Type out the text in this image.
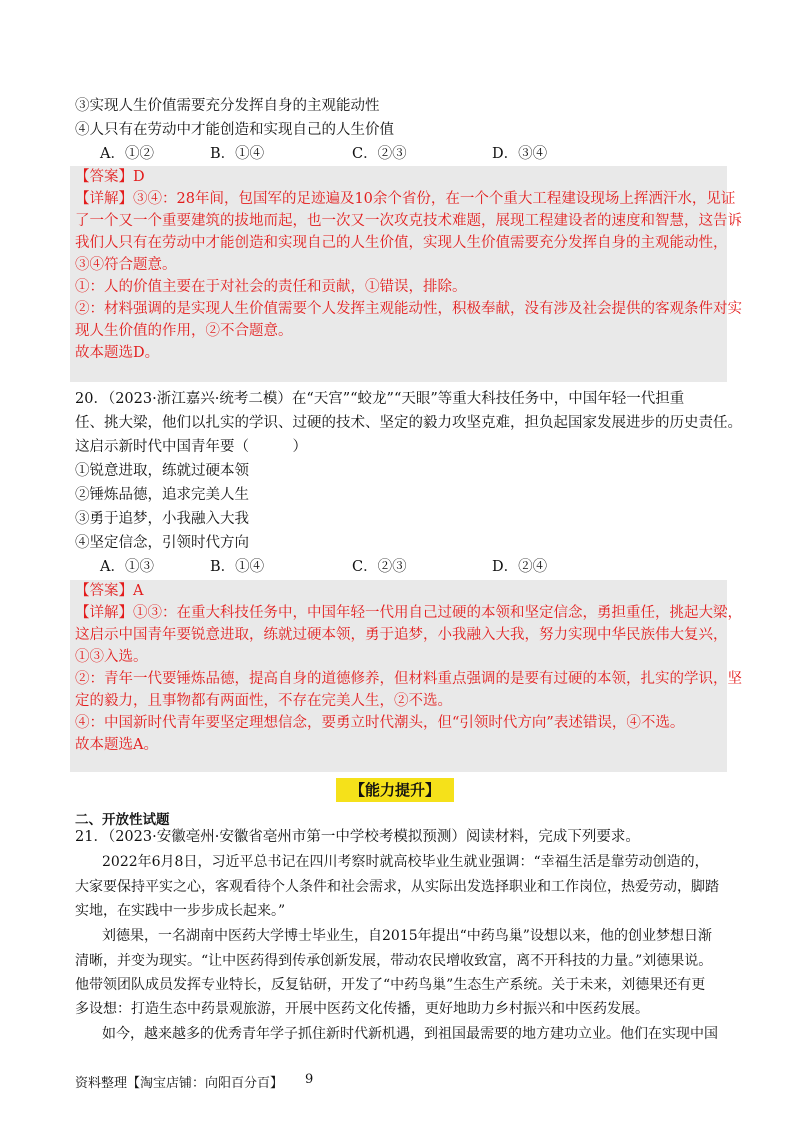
③实现人生价值需要充分发挥自身的主观能动性
④人只有在劳动中才能创造和实现自己的人生价值
A．①②	B．①④	C．②③	D．③④
【答案】D
【详解】③④：28年间，包国军的足迹遍及10余个省份，在一个个重大工程建设现场上挥洒汗水，见证
了一个又一个重要建筑的拔地而起，也一次又一次攻克技术难题，展现工程建设者的速度和智慧，这告诉
我们人只有在劳动中才能创造和实现自己的人生价值，实现人生价值需要充分发挥自身的主观能动性，
③④符合题意。
①：人的价值主要在于对社会的责任和贡献，①错误，排除。
②：材料强调的是实现人生价值需要个人发挥主观能动性，积极奉献，没有涉及社会提供的客观条件对实
现人生价值的作用，②不合题意。
故本题选D。
20．（2023·浙江嘉兴·统考二模）在“天宫”“蛟龙”“天眼”等重大科技任务中，中国年轻一代担重
任、挑大梁，他们以扎实的学识、过硬的技术、坚定的毅力攻坚克难，担负起国家发展进步的历史责任。
这启示新时代中国青年要（　　　）
①锐意进取，练就过硬本领
②锤炼品德，追求完美人生
③勇于追梦，小我融入大我
④坚定信念，引领时代方向
A．①③	B．①④	C．②③	D．②④
【答案】A
【详解】①③：在重大科技任务中，中国年轻一代用自己过硬的本领和坚定信念，勇担重任，挑起大梁，
这启示中国青年要锐意进取，练就过硬本领，勇于追梦，小我融入大我，努力实现中华民族伟大复兴，
①③入选。
②：青年一代要锤炼品德，提高自身的道德修养，但材料重点强调的是要有过硬的本领，扎实的学识，坚
定的毅力，且事物都有两面性，不存在完美人生，②不选。
④：中国新时代青年要坚定理想信念，要勇立时代潮头，但“引领时代方向”表述错误，④不选。
故本题选A。
【能力提升】
二、开放性试题
21．（2023·安徽亳州·安徽省亳州市第一中学校考模拟预测）阅读材料，完成下列要求。
2022年6月8日，习近平总书记在四川考察时就高校毕业生就业强调：“幸福生活是靠劳动创造的，
大家要保持平实之心，客观看待个人条件和社会需求，从实际出发选择职业和工作岗位，热爱劳动，脚踏
实地，在实践中一步步成长起来。”
刘德果，一名湖南中医药大学博士毕业生，自2015年提出“中药鸟巢”设想以来，他的创业梦想日渐
清晰，并变为现实。“让中医药得到传承创新发展，带动农民增收致富，离不开科技的力量。”刘德果说。
他带领团队成员发挥专业特长，反复钻研，开发了“中药鸟巢”生态生产系统。关于未来，刘德果还有更
多设想：打造生态中药景观旅游，开展中医药文化传播，更好地助力乡村振兴和中医药发展。
如今，越来越多的优秀青年学子抓住新时代新机遇，到祖国最需要的地方建功立业。他们在实现中国
资料整理【淘宝店铺：向阳百分百】 9
